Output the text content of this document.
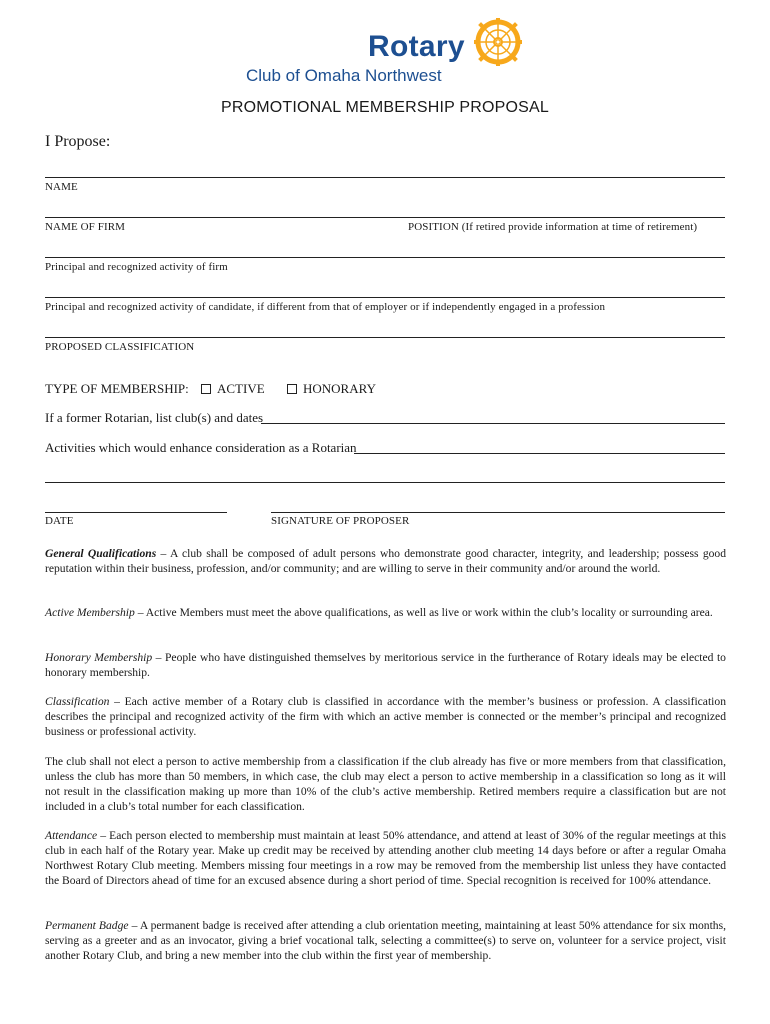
Rotary
Club of Omaha Northwest
PROMOTIONAL MEMBERSHIP PROPOSAL
I Propose:
NAME
NAME OF FIRM	POSITION (If retired provide information at time of retirement)
Principal and recognized activity of firm
Principal and recognized activity of candidate, if different from that of employer or if independently engaged in a profession
PROPOSED CLASSIFICATION
TYPE OF MEMBERSHIP:	ACTIVE	HONORARY
If a former Rotarian, list club(s) and dates
Activities which would enhance consideration as a Rotarian
DATE	SIGNATURE OF PROPOSER

General Qualifications – A club shall be composed of adult persons who demonstrate good character, integrity, and leadership; possess good reputation within their business, profession, and/or community; and are willing to serve in their community and/or around the world.

Active Membership – Active Members must meet the above qualifications, as well as live or work within the club’s locality or surrounding area.

Honorary Membership – People who have distinguished themselves by meritorious service in the furtherance of Rotary ideals may be elected to honorary membership.

Classification – Each active member of a Rotary club is classified in accordance with the member’s business or profession. A classification describes the principal and recognized activity of the firm with which an active member is connected or the member’s principal and recognized business or professional activity.

The club shall not elect a person to active membership from a classification if the club already has five or more members from that classification, unless the club has more than 50 members, in which case, the club may elect a person to active membership in a classification so long as it will not result in the classification making up more than 10% of the club’s active membership. Retired members require a classification but are not included in a club’s total number for each classification.

Attendance – Each person elected to membership must maintain at least 50% attendance, and attend at least of 30% of the regular meetings at this club in each half of the Rotary year. Make up credit may be received by attending another club meeting 14 days before or after a regular Omaha Northwest Rotary Club meeting. Members missing four meetings in a row may be removed from the membership list unless they have contacted the Board of Directors ahead of time for an excused absence during a short period of time. Special recognition is received for 100% attendance.

Permanent Badge – A permanent badge is received after attending a club orientation meeting, maintaining at least 50% attendance for six months, serving as a greeter and as an invocator, giving a brief vocational talk, selecting a committee(s) to serve on, volunteer for a service project, visit another Rotary Club, and bring a new member into the club within the first year of membership.
